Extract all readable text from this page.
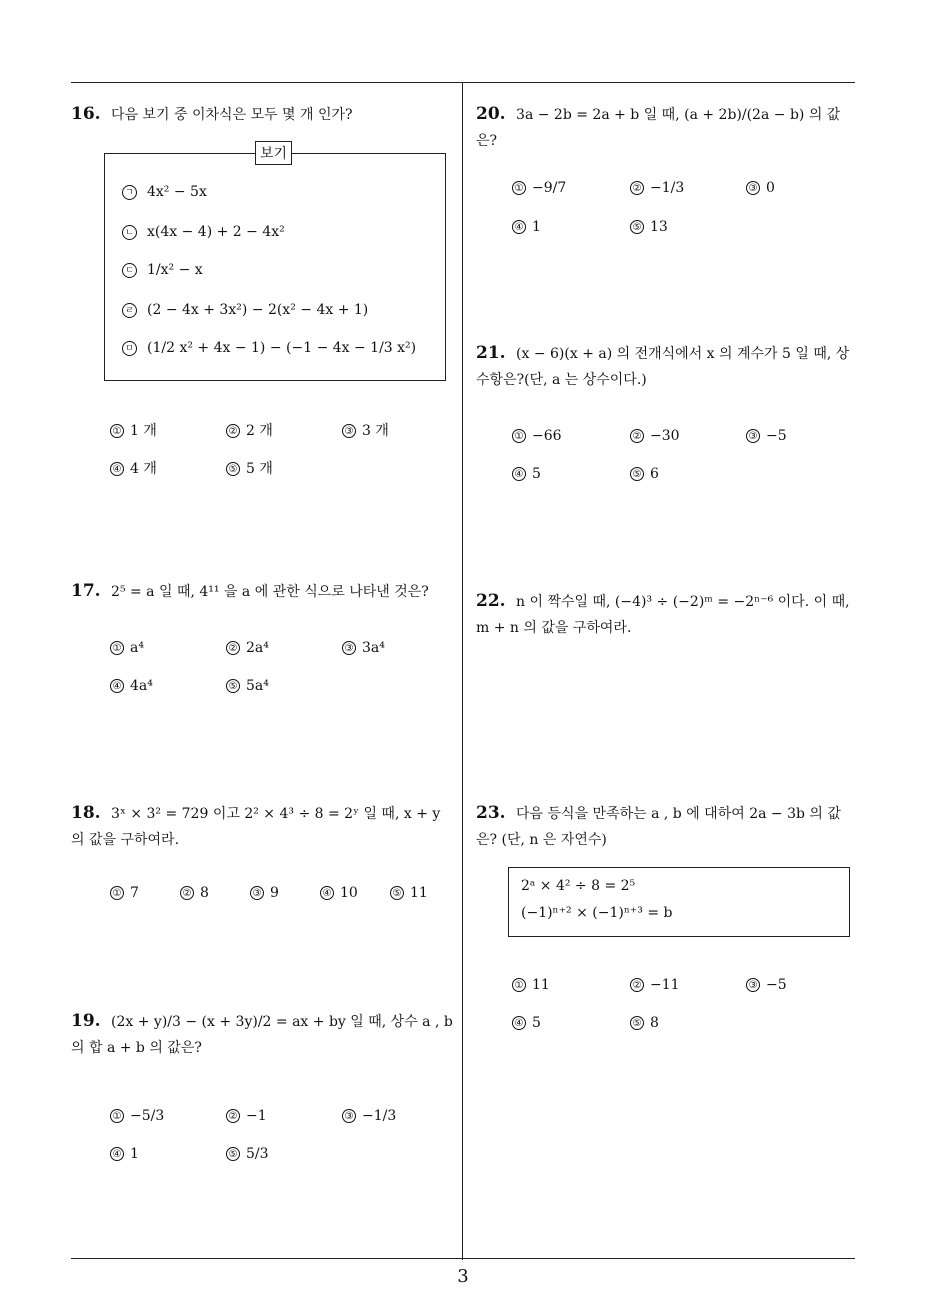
16. 다음 보기 중 이차식은 모두 몇 개 인가?
보기
ㄱ 4x² − 5x
ㄴ x(4x − 4) + 2 − 4x²
ㄷ 1/x² − x
ㄹ (2 − 4x + 3x²) − 2(x² − 4x + 1)
ㅁ (1/2 x² + 4x − 1) − (−1 − 4x − 1/3 x²)
① 1 개	② 2 개	③ 3 개
④ 4 개	⑤ 5 개
17. 2⁵ = a 일 때, 4¹¹ 을 a 에 관한 식으로 나타낸 것은?
① a⁴	② 2a⁴	③ 3a⁴
④ 4a⁴	⑤ 5a⁴
18. 3ˣ × 3² = 729 이고 2² × 4³ ÷ 8 = 2ʸ 일 때, x + y 의 값을 구하여라.
① 7	② 8	③ 9	④ 10	⑤ 11
19. (2x + y)/3 − (x + 3y)/2 = ax + by 일 때, 상수 a , b 의 합 a + b 의 값은?
① −5/3	② −1	③ −1/3
④ 1	⑤ 5/3
20. 3a − 2b = 2a + b 일 때, (a + 2b)/(2a − b) 의 값은?
① −9/7	② −1/3	③ 0
④ 1	⑤ 13
21. (x − 6)(x + a) 의 전개식에서 x 의 계수가 5 일 때, 상수항은?(단, a 는 상수이다.)
① −66	② −30	③ −5
④ 5	⑤ 6
22. n 이 짝수일 때, (−4)³ ÷ (−2)ᵐ = −2ⁿ⁻⁶ 이다. 이 때, m + n 의 값을 구하여라.
23. 다음 등식을 만족하는 a , b 에 대하여 2a − 3b 의 값은? (단, n 은 자연수)
2ᵃ × 4² ÷ 8 = 2⁵
(−1)ⁿ⁺² × (−1)ⁿ⁺³ = b
① 11	② −11	③ −5
④ 5	⑤ 8
3
